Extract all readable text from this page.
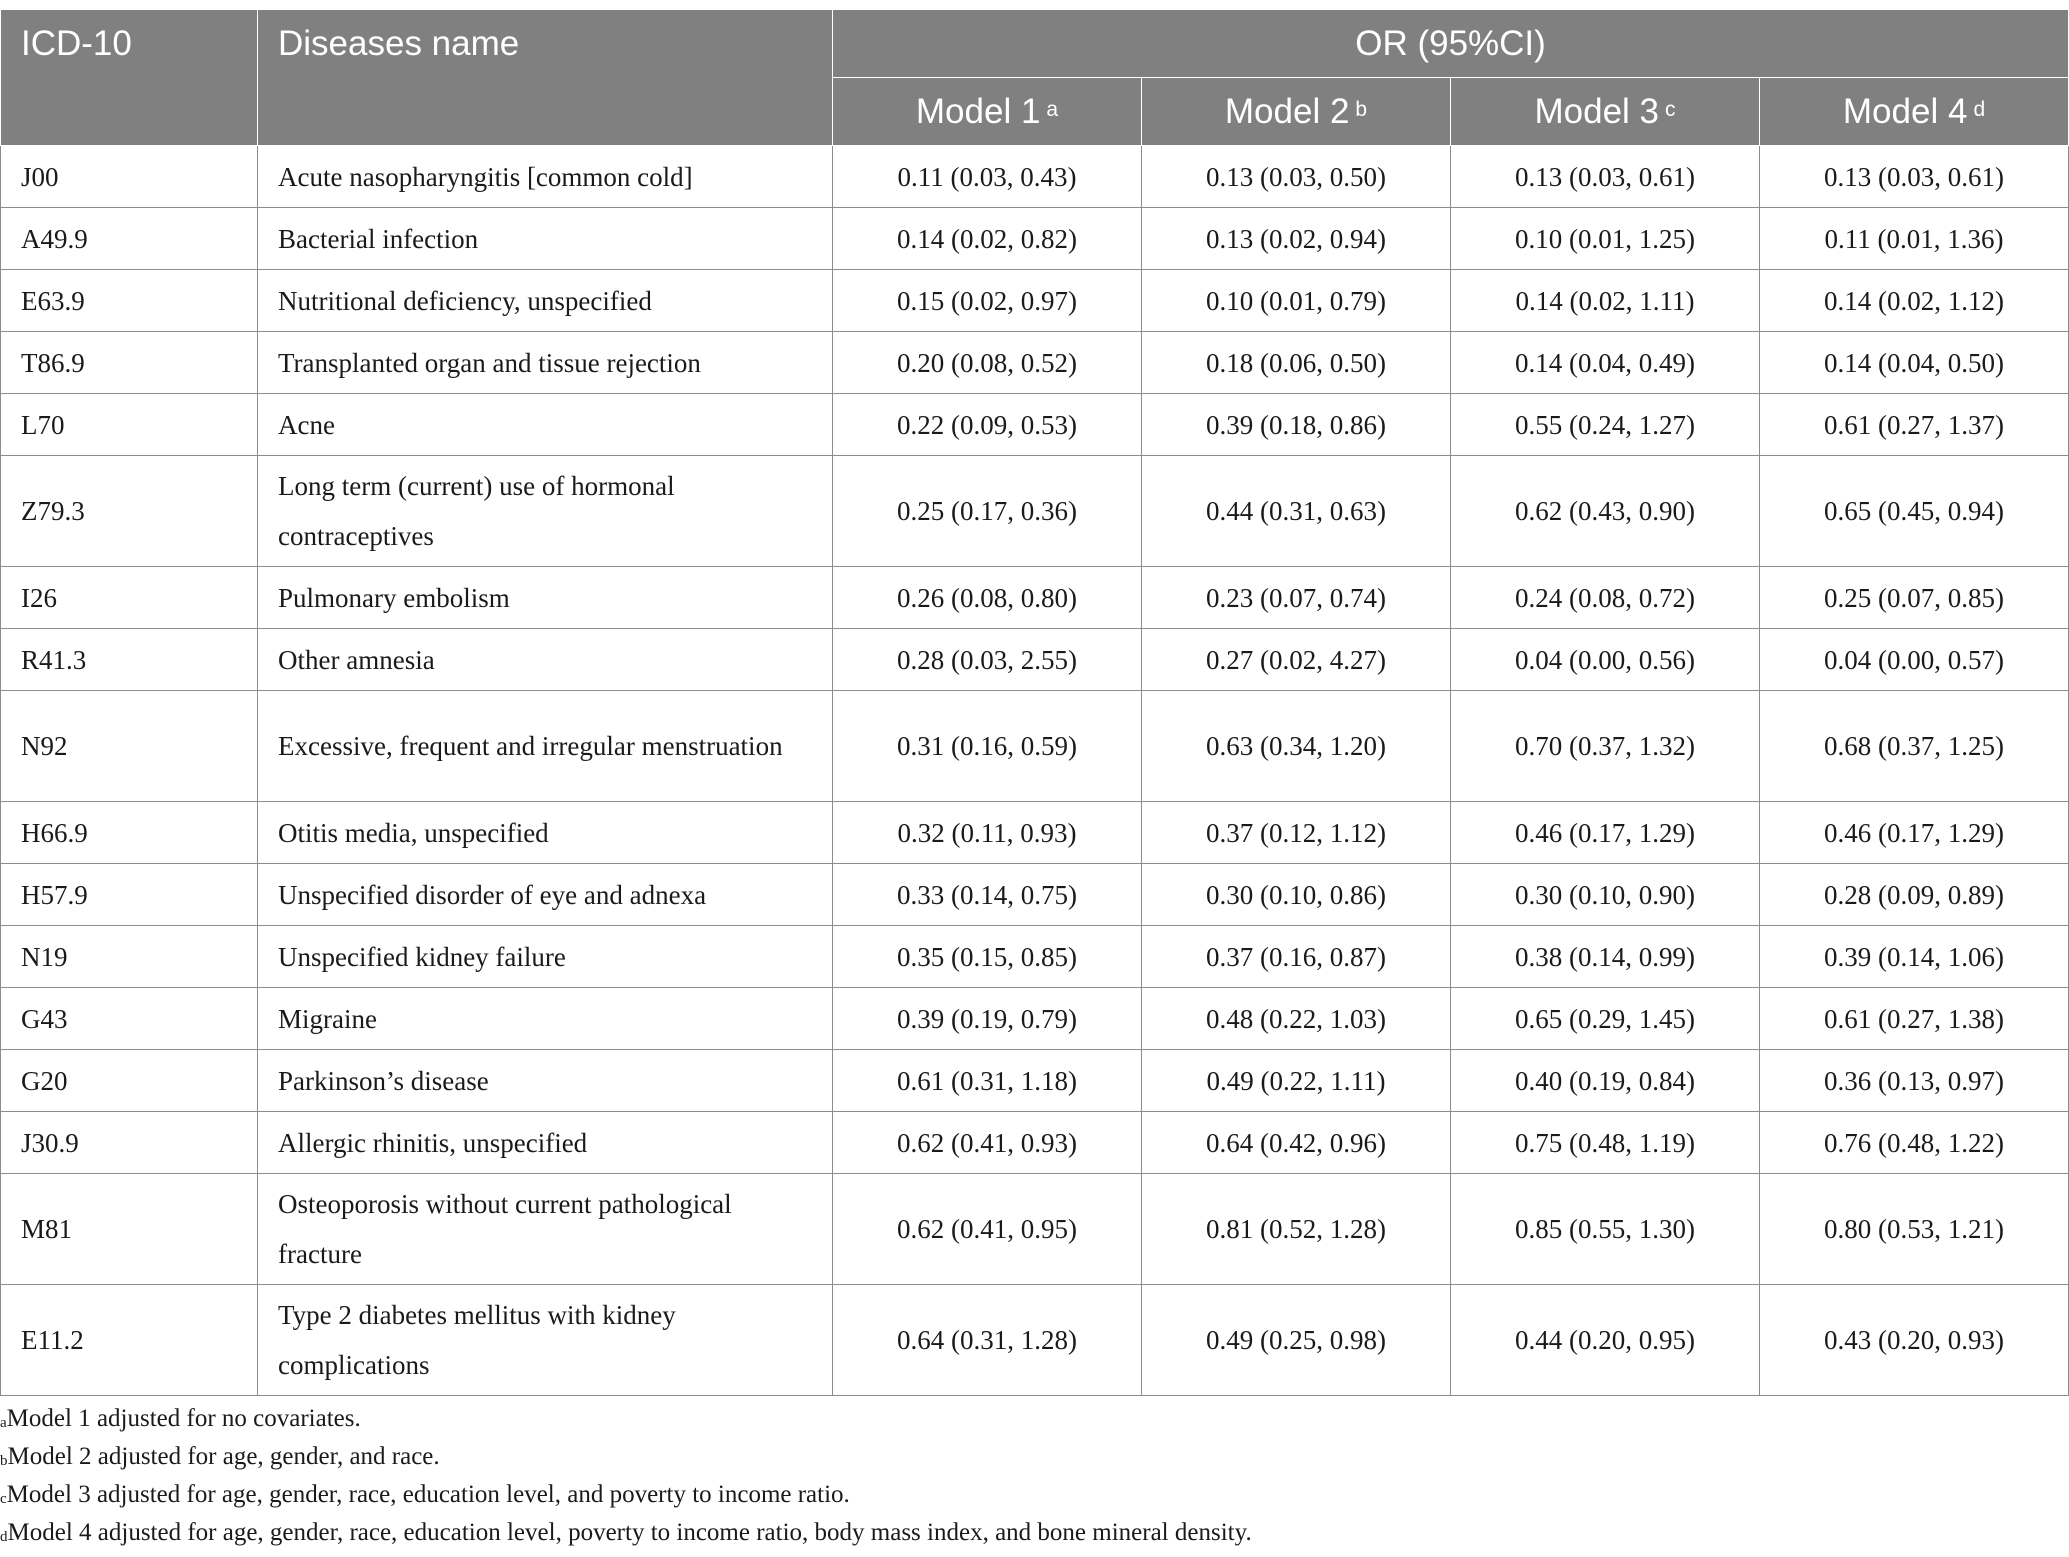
ICD-10	Diseases name	OR (95%CI)			
		Model 1 $^a$	Model 2 $^b$	Model 3 $^c$	Model 4 $^d$
J00	Acute nasopharyngitis [common cold]	0.11 (0.03, 0.43)	0.13 (0.03, 0.50)	0.13 (0.03, 0.61)	0.13 (0.03, 0.61)
A49.9	Bacterial infection	0.14 (0.02, 0.82)	0.13 (0.02, 0.94)	0.10 (0.01, 1.25)	0.11 (0.01, 1.36)
E63.9	Nutritional deficiency, unspecified	0.15 (0.02, 0.97)	0.10 (0.01, 0.79)	0.14 (0.02, 1.11)	0.14 (0.02, 1.12)
T86.9	Transplanted organ and tissue rejection	0.20 (0.08, 0.52)	0.18 (0.06, 0.50)	0.14 (0.04, 0.49)	0.14 (0.04, 0.50)
L70	Acne	0.22 (0.09, 0.53)	0.39 (0.18, 0.86)	0.55 (0.24, 1.27)	0.61 (0.27, 1.37)
Z79.3	Long term (current) use of hormonal contraceptives	0.25 (0.17, 0.36)	0.44 (0.31, 0.63)	0.62 (0.43, 0.90)	0.65 (0.45, 0.94)
I26	Pulmonary embolism	0.26 (0.08, 0.80)	0.23 (0.07, 0.74)	0.24 (0.08, 0.72)	0.25 (0.07, 0.85)
R41.3	Other amnesia	0.28 (0.03, 2.55)	0.27 (0.02, 4.27)	0.04 (0.00, 0.56)	0.04 (0.00, 0.57)
N92	Excessive, frequent and irregular menstruation	0.31 (0.16, 0.59)	0.63 (0.34, 1.20)	0.70 (0.37, 1.32)	0.68 (0.37, 1.25)
H66.9	Otitis media, unspecified	0.32 (0.11, 0.93)	0.37 (0.12, 1.12)	0.46 (0.17, 1.29)	0.46 (0.17, 1.29)
H57.9	Unspecified disorder of eye and adnexa	0.33 (0.14, 0.75)	0.30 (0.10, 0.86)	0.30 (0.10, 0.90)	0.28 (0.09, 0.89)
N19	Unspecified kidney failure	0.35 (0.15, 0.85)	0.37 (0.16, 0.87)	0.38 (0.14, 0.99)	0.39 (0.14, 1.06)
G43	Migraine	0.39 (0.19, 0.79)	0.48 (0.22, 1.03)	0.65 (0.29, 1.45)	0.61 (0.27, 1.38)
G20	Parkinson’s disease	0.61 (0.31, 1.18)	0.49 (0.22, 1.11)	0.40 (0.19, 0.84)	0.36 (0.13, 0.97)
J30.9	Allergic rhinitis, unspecified	0.62 (0.41, 0.93)	0.64 (0.42, 0.96)	0.75 (0.48, 1.19)	0.76 (0.48, 1.22)
M81	Osteoporosis without current pathological fracture	0.62 (0.41, 0.95)	0.81 (0.52, 1.28)	0.85 (0.55, 1.30)	0.80 (0.53, 1.21)
E11.2	Type 2 diabetes mellitus with kidney complications	0.64 (0.31, 1.28)	0.49 (0.25, 0.98)	0.44 (0.20, 0.95)	0.43 (0.20, 0.93)
$^a$Model 1 adjusted for no covariates.
$^b$Model 2 adjusted for age, gender, and race.
$^c$Model 3 adjusted for age, gender, race, education level, and poverty to income ratio.
$^d$Model 4 adjusted for age, gender, race, education level, poverty to income ratio, body mass index, and bone mineral density.
